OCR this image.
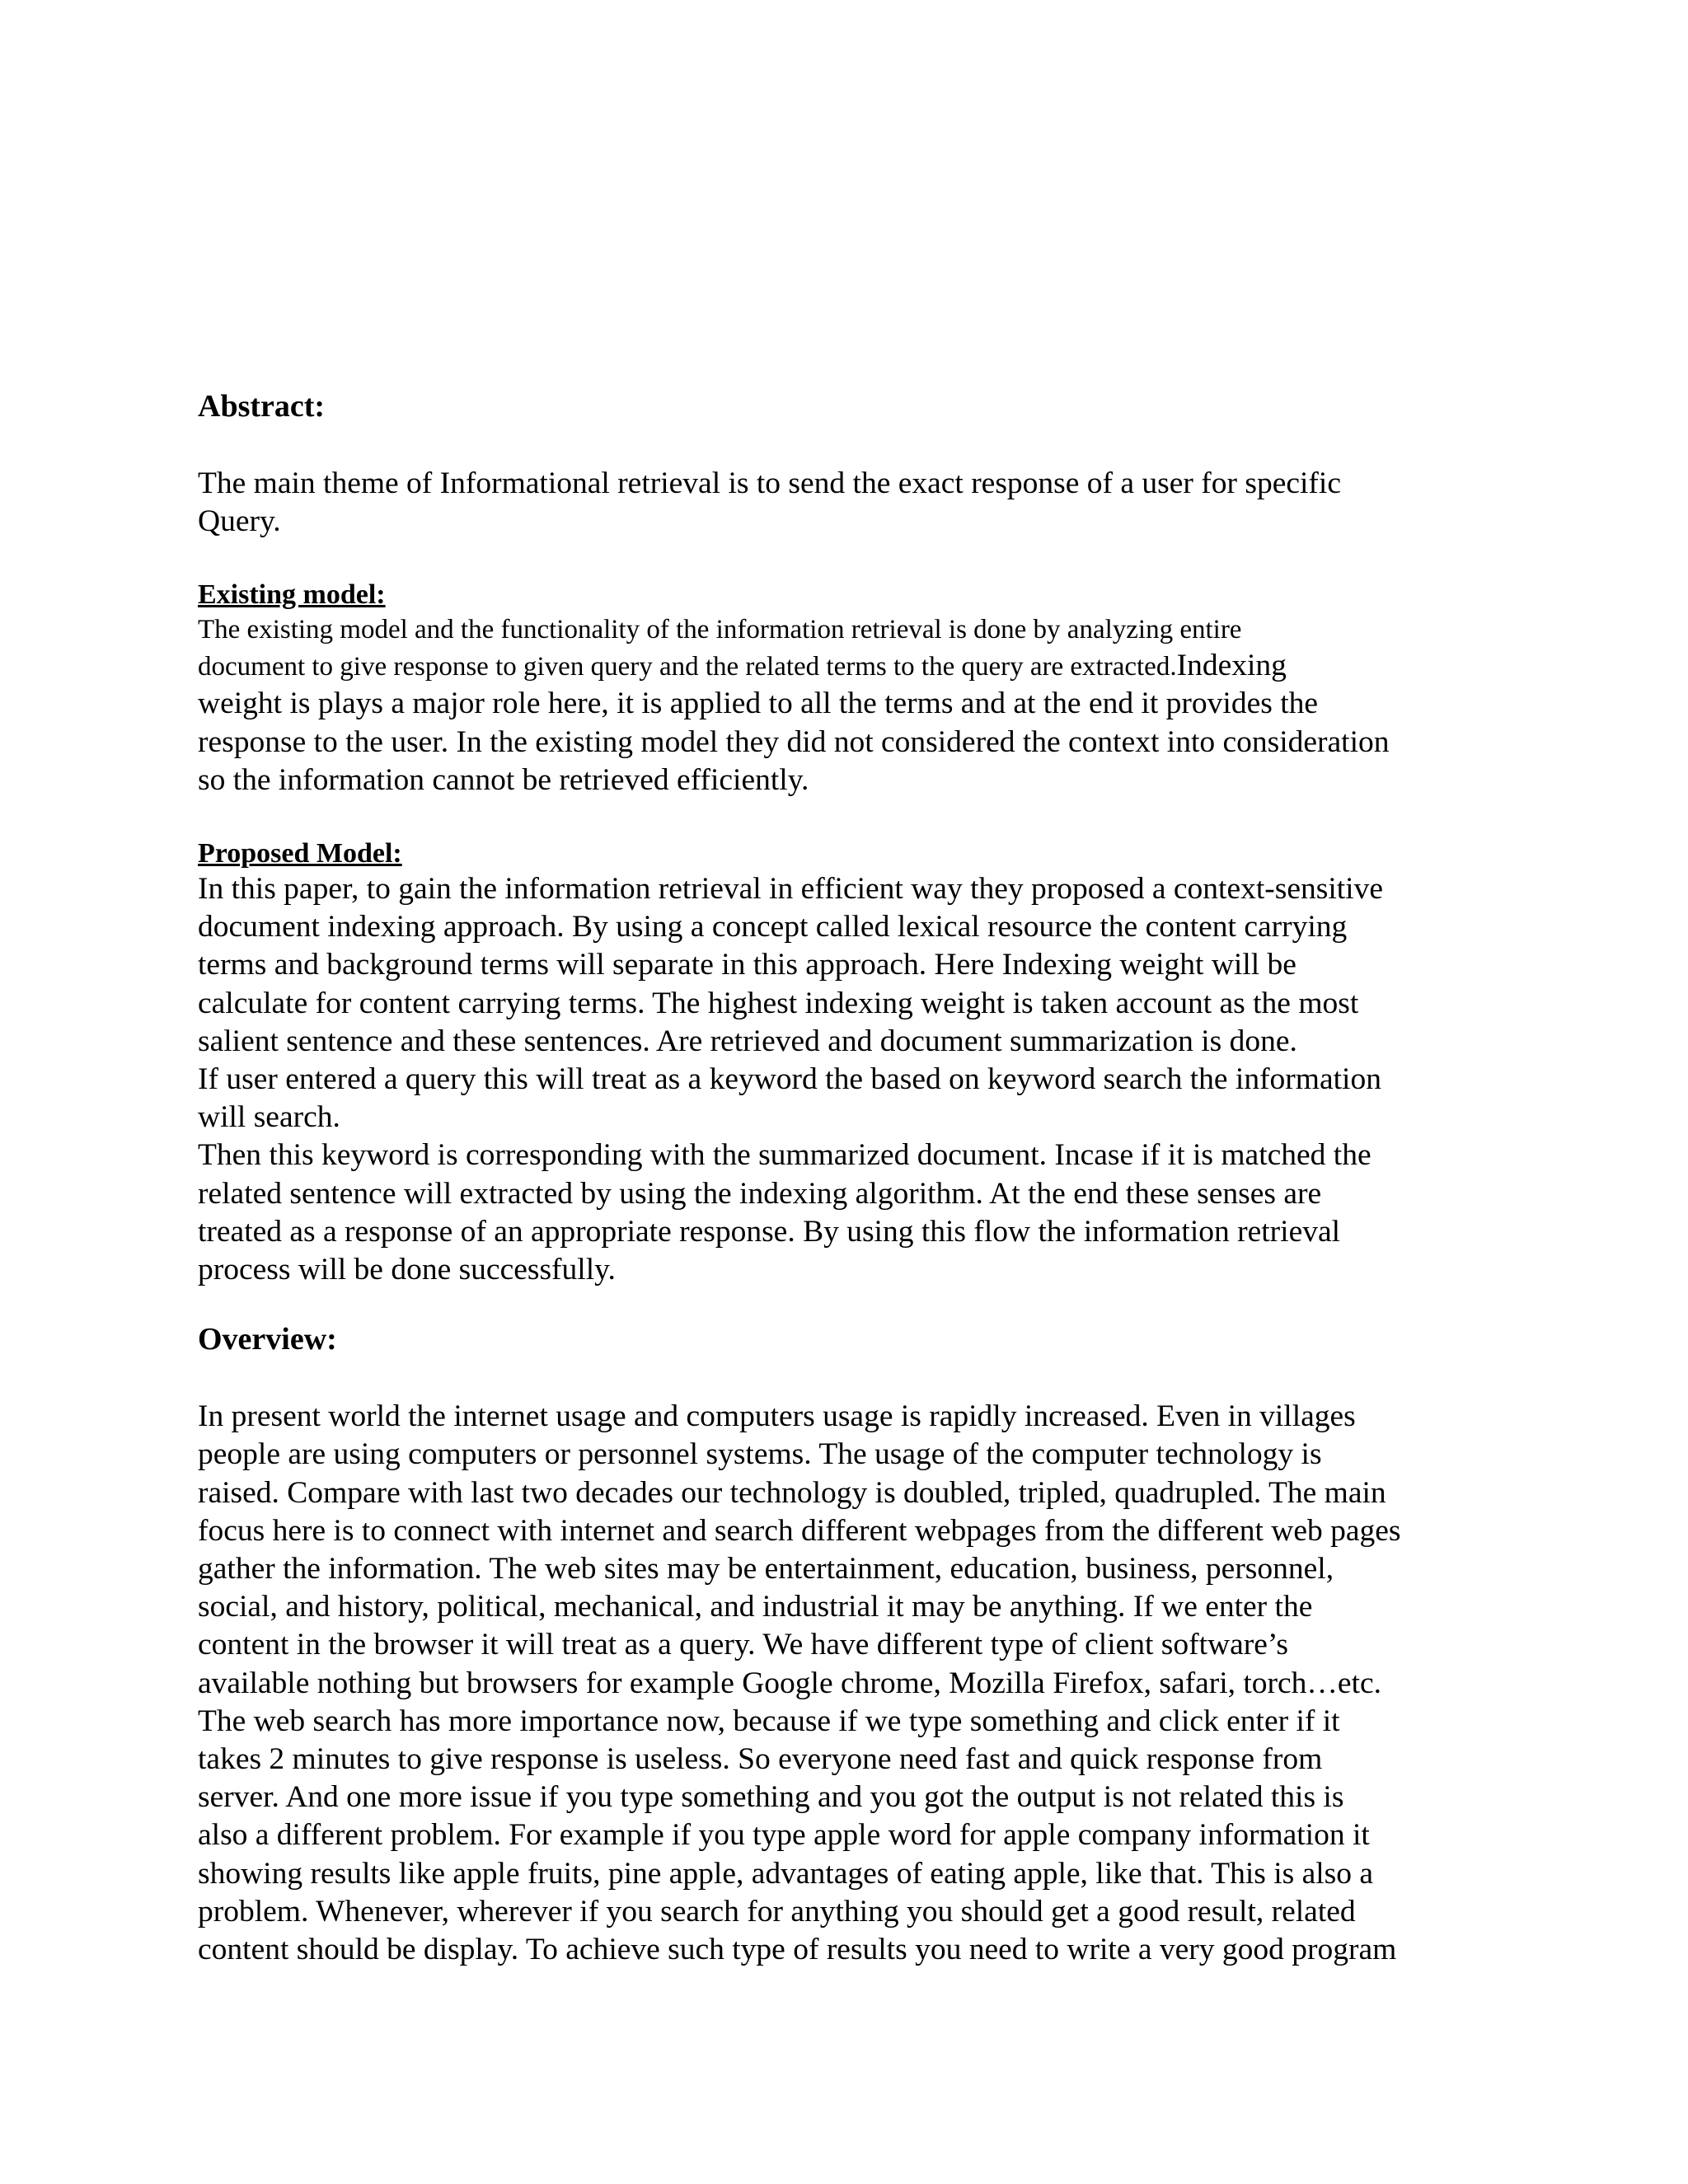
Abstract:
The main theme of Informational retrieval is to send the exact response of a user for specific
Query.
Existing model:
The existing model and the functionality of the information retrieval is done by analyzing entire
document to give response to given query and the related terms to the query are extracted.Indexing
weight is plays a major role here, it is applied to all the terms and at the end it provides the
response to the user. In the existing model they did not considered the context into consideration
so the information cannot be retrieved efficiently.
Proposed Model:
In this paper, to gain the information retrieval in efficient way they proposed a context-sensitive
document indexing approach. By using a concept called lexical resource the content carrying
terms and background terms will separate in this approach. Here Indexing weight will be
calculate for content carrying terms. The highest indexing weight is taken account as the most
salient sentence and these sentences. Are retrieved and document summarization is done.
If user entered a query this will treat as a keyword the based on keyword search the information
will search.
Then this keyword is corresponding with the summarized document. Incase if it is matched the
related sentence will extracted by using the indexing algorithm. At the end these senses are
treated as a response of an appropriate response. By using this flow the information retrieval
process will be done successfully.
Overview:
In present world the internet usage and computers usage is rapidly increased. Even in villages
people are using computers or personnel systems. The usage of the computer technology is
raised. Compare with last two decades our technology is doubled, tripled, quadrupled. The main
focus here is to connect with internet and search different webpages from the different web pages
gather the information. The web sites may be entertainment, education, business, personnel,
social, and history, political, mechanical, and industrial it may be anything. If we enter the
content in the browser it will treat as a query. We have different type of client software’s
available nothing but browsers for example Google chrome, Mozilla Firefox, safari, torch…etc.
The web search has more importance now, because if we type something and click enter if it
takes 2 minutes to give response is useless. So everyone need fast and quick response from
server. And one more issue if you type something and you got the output is not related this is
also a different problem. For example if you type apple word for apple company information it
showing results like apple fruits, pine apple, advantages of eating apple, like that. This is also a
problem. Whenever, wherever if you search for anything you should get a good result, related
content should be display. To achieve such type of results you need to write a very good program
